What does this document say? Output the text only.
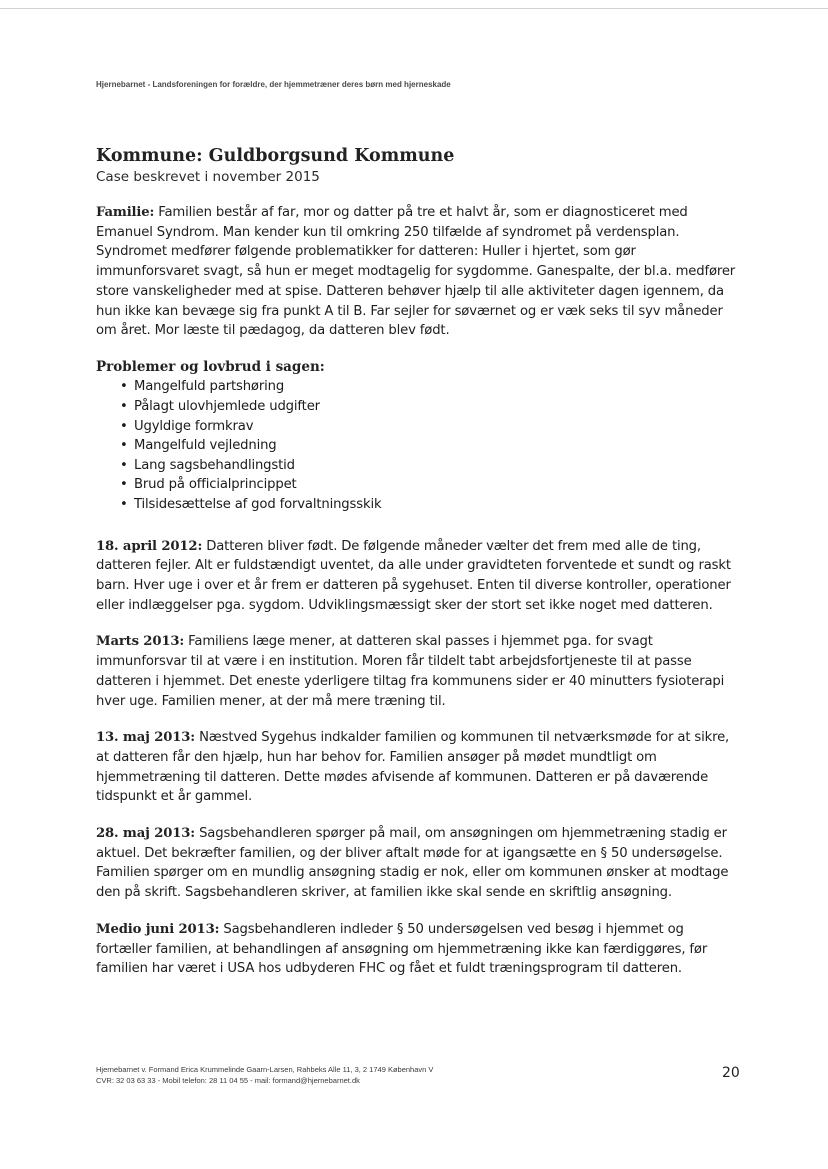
Hjernebarnet - Landsforeningen for forældre, der hjemmetræner deres børn med hjerneskade
Kommune: Guldborgsund Kommune
Case beskrevet i november 2015

Familie: Familien består af far, mor og datter på tre et halvt år, som er diagnosticeret med Emanuel Syndrom. Man kender kun til omkring 250 tilfælde af syndromet på verdensplan. Syndromet medfører følgende problematikker for datteren: Huller i hjertet, som gør immunforsvaret svagt, så hun er meget modtagelig for sygdomme. Ganespalte, der bl.a. medfører store vanskeligheder med at spise. Datteren behøver hjælp til alle aktiviteter dagen igennem, da hun ikke kan bevæge sig fra punkt A til B. Far sejler for søværnet og er væk seks til syv måneder om året. Mor læste til pædagog, da datteren blev født.

Problemer og lovbrud i sagen:
• Mangelfuld partshøring
• Pålagt ulovhjemlede udgifter
• Ugyldige formkrav
• Mangelfuld vejledning
• Lang sagsbehandlingstid
• Brud på officialprincippet
• Tilsidesættelse af god forvaltningsskik

18. april 2012: Datteren bliver født. De følgende måneder vælter det frem med alle de ting, datteren fejler. Alt er fuldstændigt uventet, da alle under gravidteten forventede et sundt og raskt barn. Hver uge i over et år frem er datteren på sygehuset. Enten til diverse kontroller, operationer eller indlæggelser pga. sygdom. Udviklingsmæssigt sker der stort set ikke noget med datteren.

Marts 2013: Familiens læge mener, at datteren skal passes i hjemmet pga. for svagt immunforsvar til at være i en institution. Moren får tildelt tabt arbejdsfortjeneste til at passe datteren i hjemmet. Det eneste yderligere tiltag fra kommunens sider er 40 minutters fysioterapi hver uge. Familien mener, at der må mere træning til.

13. maj 2013: Næstved Sygehus indkalder familien og kommunen til netværksmøde for at sikre, at datteren får den hjælp, hun har behov for. Familien ansøger på mødet mundtligt om hjemmetræning til datteren. Dette mødes afvisende af kommunen. Datteren er på daværende tidspunkt et år gammel.

28. maj 2013: Sagsbehandleren spørger på mail, om ansøgningen om hjemmetræning stadig er aktuel. Det bekræfter familien, og der bliver aftalt møde for at igangsætte en § 50 undersøgelse. Familien spørger om en mundlig ansøgning stadig er nok, eller om kommunen ønsker at modtage den på skrift. Sagsbehandleren skriver, at familien ikke skal sende en skriftlig ansøgning.

Medio juni 2013: Sagsbehandleren indleder § 50 undersøgelsen ved besøg i hjemmet og fortæller familien, at behandlingen af ansøgning om hjemmetræning ikke kan færdiggøres, før familien har været i USA hos udbyderen FHC og fået et fuldt træningsprogram til datteren.

Hjernebarnet v. Formand Erica Krummelinde Gaarn-Larsen, Rahbeks Alle 11, 3, 2 1749 København V
CVR: 32 03 63 33 - Mobil telefon: 28 11 04 55 - mail: formand@hjernebarnet.dk	20
